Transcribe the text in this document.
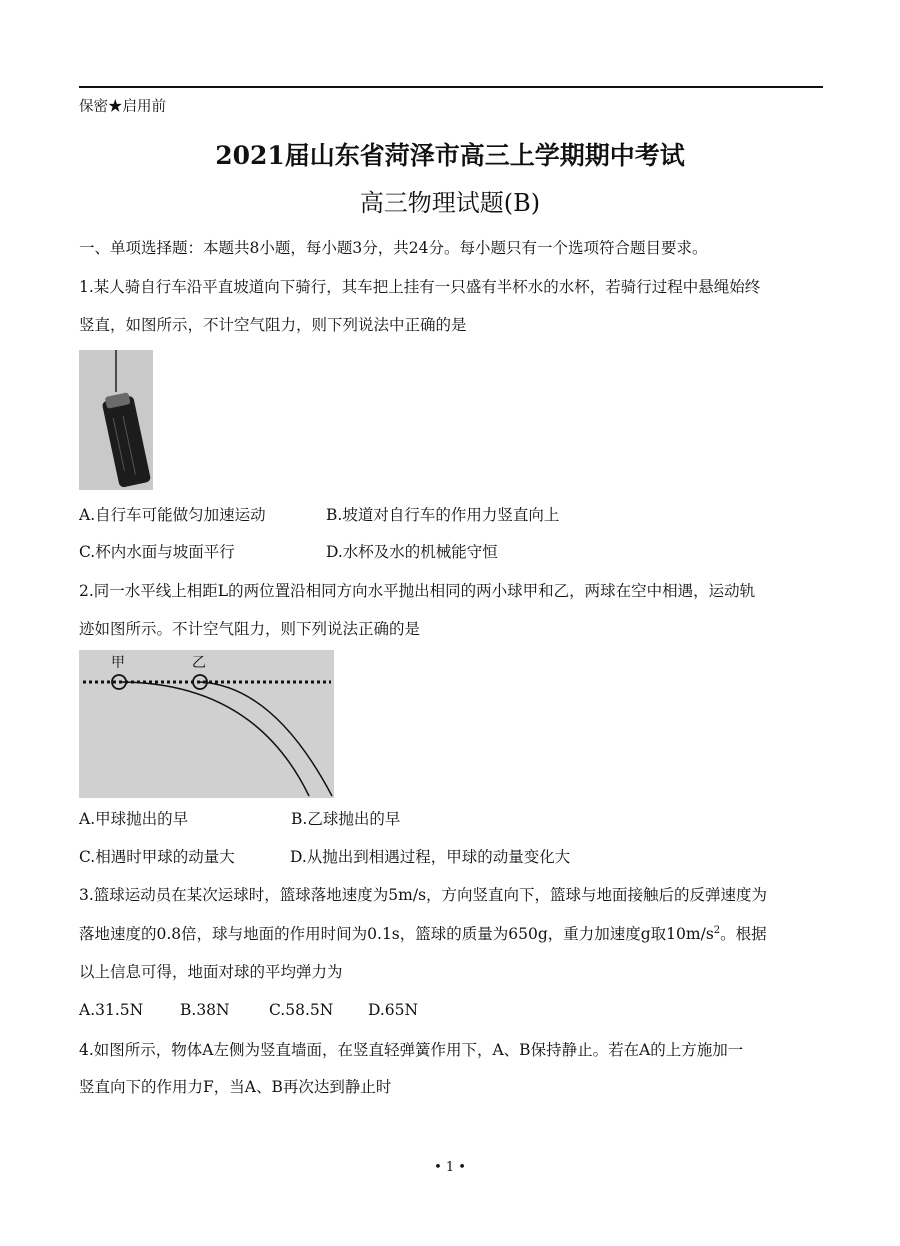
保密★启用前
2021届山东省菏泽市高三上学期期中考试
高三物理试题(B)
一、单项选择题：本题共8小题，每小题3分，共24分。每小题只有一个选项符合题目要求。
1.某人骑自行车沿平直坡道向下骑行，其车把上挂有一只盛有半杯水的水杯，若骑行过程中悬绳始终
竖直，如图所示，不计空气阻力，则下列说法中正确的是
A.自行车可能做匀加速运动	B.坡道对自行车的作用力竖直向上
C.杯内水面与坡面平行	D.水杯及水的机械能守恒
2.同一水平线上相距L的两位置沿相同方向水平抛出相同的两小球甲和乙，两球在空中相遇，运动轨
迹如图所示。不计空气阻力，则下列说法正确的是
甲	乙
A.甲球抛出的早	B.乙球抛出的早
C.相遇时甲球的动量大	D.从抛出到相遇过程，甲球的动量变化大
3.篮球运动员在某次运球时，篮球落地速度为5m/s，方向竖直向下，篮球与地面接触后的反弹速度为
落地速度的0.8倍，球与地面的作用时间为0.1s，篮球的质量为650g，重力加速度g取$10m/s^2$。根据
以上信息可得，地面对球的平均弹力为
A.31.5N B.38N	C.58.5N D.65N
4.如图所示，物体A左侧为竖直墙面，在竖直轻弹簧作用下，A、B保持静止。若在A的上方施加一
竖直向下的作用力F，当A、B再次达到静止时
• 1 •
